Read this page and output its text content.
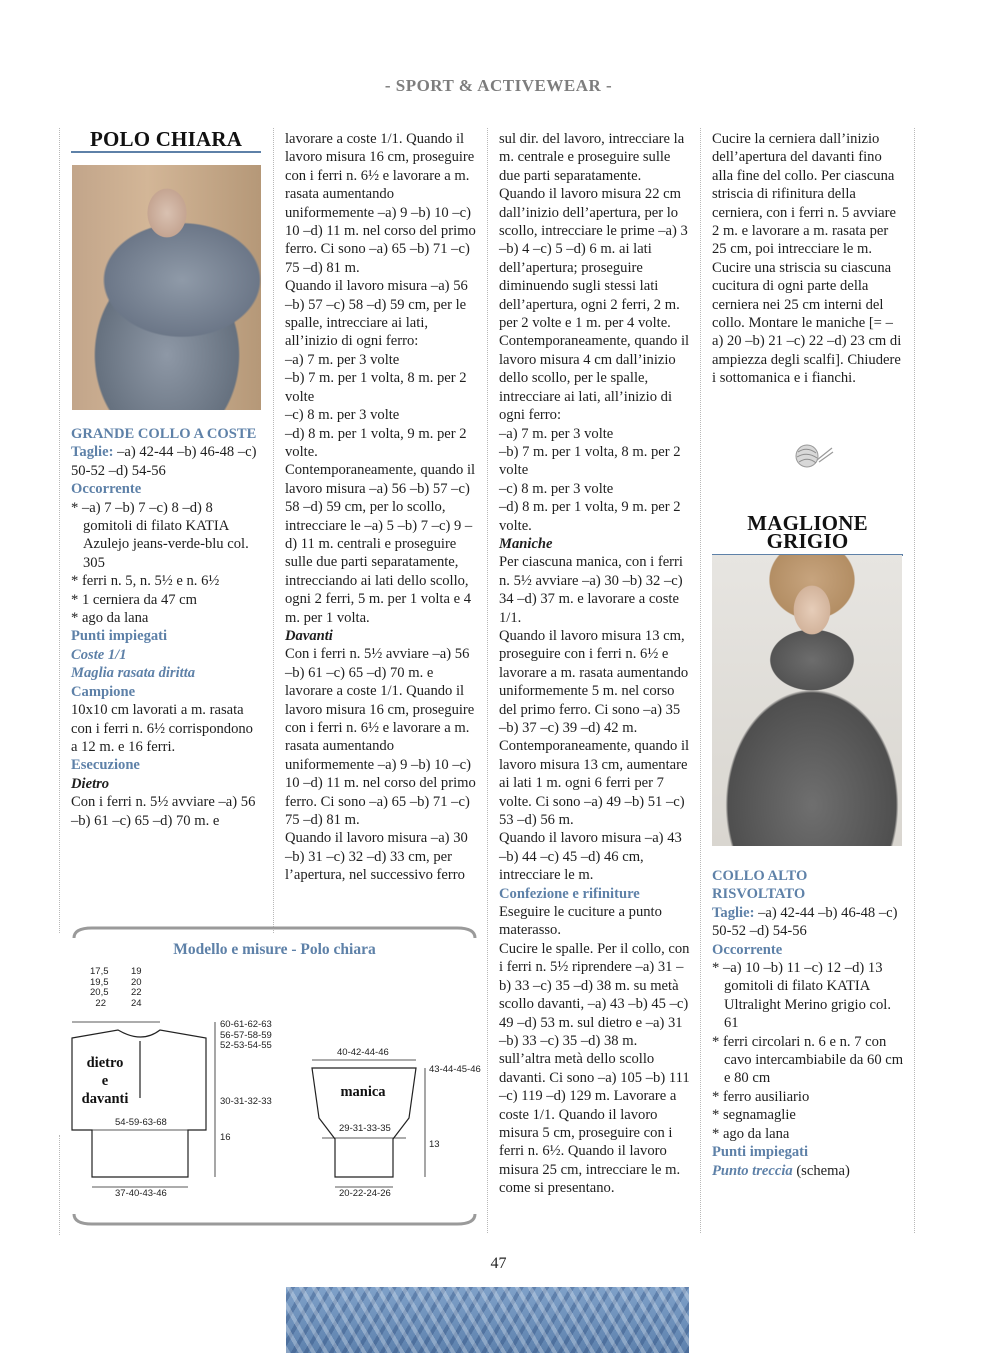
- SPORT & ACTIVEWEAR -
POLO CHIARA

GRANDE COLLO A COSTE

Taglie: –a) 42-44 –b) 46-48 –c) 50-52 –d) 54-56

Occorrente

* –a) 7 –b) 7 –c) 8 –d) 8 gomitoli di filato KATIA Azulejo jeans-verde-blu col. 305

* ferri n. 5, n. 5½ e n. 6½

* 1 cerniera da 47 cm

* ago da lana

Punti impiegati

Coste 1/1

Maglia rasata diritta

Campione

10x10 cm lavorati a m. rasata con i ferri n. 6½ corrispondono a 12 m. e 16 ferri.

Esecuzione

Dietro

Con i ferri n. 5½ avviare –a) 56 –b) 61 –c) 65 –d) 70 m. e

lavorare a coste 1/1. Quando il lavoro misura 16 cm, proseguire con i ferri n. 6½ e lavorare a m. rasata aumentando uniformemente –a) 9 –b) 10 –c) 10 –d) 11 m. nel corso del primo ferro. Ci sono –a) 65 –b) 71 –c) 75 –d) 81 m.

Quando il lavoro misura –a) 56 –b) 57 –c) 58 –d) 59 cm, per le spalle, intrecciare ai lati, all’inizio di ogni ferro:

–a) 7 m. per 3 volte

–b) 7 m. per 1 volta, 8 m. per 2 volte

–c) 8 m. per 3 volte

–d) 8 m. per 1 volta, 9 m. per 2 volte.

Contemporaneamente, quando il lavoro misura –a) 56 –b) 57 –c) 58 –d) 59 cm, per lo scollo, intrecciare le –a) 5 –b) 7 –c) 9 –d) 11 m. centrali e proseguire sulle due parti separatamente, intrecciando ai lati dello scollo, ogni 2 ferri, 5 m. per 1 volta e 4 m. per 1 volta.

Davanti

Con i ferri n. 5½ avviare –a) 56 –b) 61 –c) 65 –d) 70 m. e lavorare a coste 1/1. Quando il lavoro misura 16 cm, proseguire con i ferri n. 6½ e lavorare a m. rasata aumentando uniformemente –a) 9 –b) 10 –c) 10 –d) 11 m. nel corso del primo ferro. Ci sono –a) 65 –b) 71 –c) 75 –d) 81 m.

Quando il lavoro misura –a) 30 –b) 31 –c) 32 –d) 33 cm, per l’apertura, nel successivo ferro

sul dir. del lavoro, intrecciare la m. centrale e proseguire sulle due parti separatamente.

Quando il lavoro misura 22 cm dall’inizio dell’apertura, per lo scollo, intrecciare le prime –a) 3 –b) 4 –c) 5 –d) 6 m. ai lati dell’apertura; proseguire diminuendo sugli stessi lati dell’apertura, ogni 2 ferri, 2 m. per 2 volte e 1 m. per 4 volte.

Contemporaneamente, quando il lavoro misura 4 cm dall’inizio dello scollo, per le spalle, intrecciare ai lati, all’inizio di ogni ferro:

–a) 7 m. per 3 volte

–b) 7 m. per 1 volta, 8 m. per 2 volte

–c) 8 m. per 3 volte

–d) 8 m. per 1 volta, 9 m. per 2 volte.

Maniche

Per ciascuna manica, con i ferri n. 5½ avviare –a) 30 –b) 32 –c) 34 –d) 37 m. e lavorare a coste 1/1.

Quando il lavoro misura 13 cm, proseguire con i ferri n. 6½ e lavorare a m. rasata aumentando uniformemente 5 m. nel corso del primo ferro. Ci sono –a) 35 –b) 37 –c) 39 –d) 42 m.

Contemporaneamente, quando il lavoro misura 13 cm, aumentare ai lati 1 m. ogni 6 ferri per 7 volte. Ci sono –a) 49 –b) 51 –c) 53 –d) 56 m.

Quando il lavoro misura –a) 43 –b) 44 –c) 45 –d) 46 cm, intrecciare le m.

Confezione e rifiniture

Eseguire le cuciture a punto materasso.

Cucire le spalle. Per il collo, con i ferri n. 5½ riprendere –a) 31 –b) 33 –c) 35 –d) 38 m. su metà scollo davanti, –a) 43 –b) 45 –c) 49 –d) 53 m. sul dietro e –a) 31 –b) 33 –c) 35 –d) 38 m. sull’altra metà dello scollo davanti. Ci sono –a) 105 –b) 111 –c) 119 –d) 129 m. Lavorare a coste 1/1. Quando il lavoro misura 5 cm, proseguire con i ferri n. 6½. Quando il lavoro misura 25 cm, intrecciare le m. come si presentano.

Cucire la cerniera dall’inizio dell’apertura del davanti fino alla fine del collo. Per ciascuna striscia di rifinitura della cerniera, con i ferri n. 5 avviare 2 m. e lavorare a m. rasata per 25 cm, poi intrecciare le m. Cucire una striscia su ciascuna cucitura di ogni parte della cerniera nei 25 cm interni del collo. Montare le maniche [= –a) 20 –b) 21 –c) 22 –d) 23 cm di ampiezza degli scalfi]. Chiudere i sottomanica e i fianchi.

MAGLIONE GRIGIO

COLLO ALTO

RISVOLTATO

Taglie: –a) 42-44 –b) 46-48 –c) 50-52 –d) 54-56

Occorrente

* –a) 10 –b) 11 –c) 12 –d) 13 gomitoli di filato KATIA Ultralight Merino grigio col. 61

* ferri circolari n. 6 e n. 7 con cavo intercambiabile da 60 cm e 80 cm

* ferro ausiliario

* segnamaglie

* ago da lana

Punti impiegati

Punto treccia (schema)

Modello e misure - Polo chiara
17,5
19,5
20,5
22
19
20
22
24
60-61-62-63
56-57-58-59
52-53-54-55
dietro
e
davanti
54-59-63-68
30-31-32-33
16
37-40-43-46
40-42-44-46
manica
43-44-45-46
29-31-33-35
13
20-22-24-26
47
